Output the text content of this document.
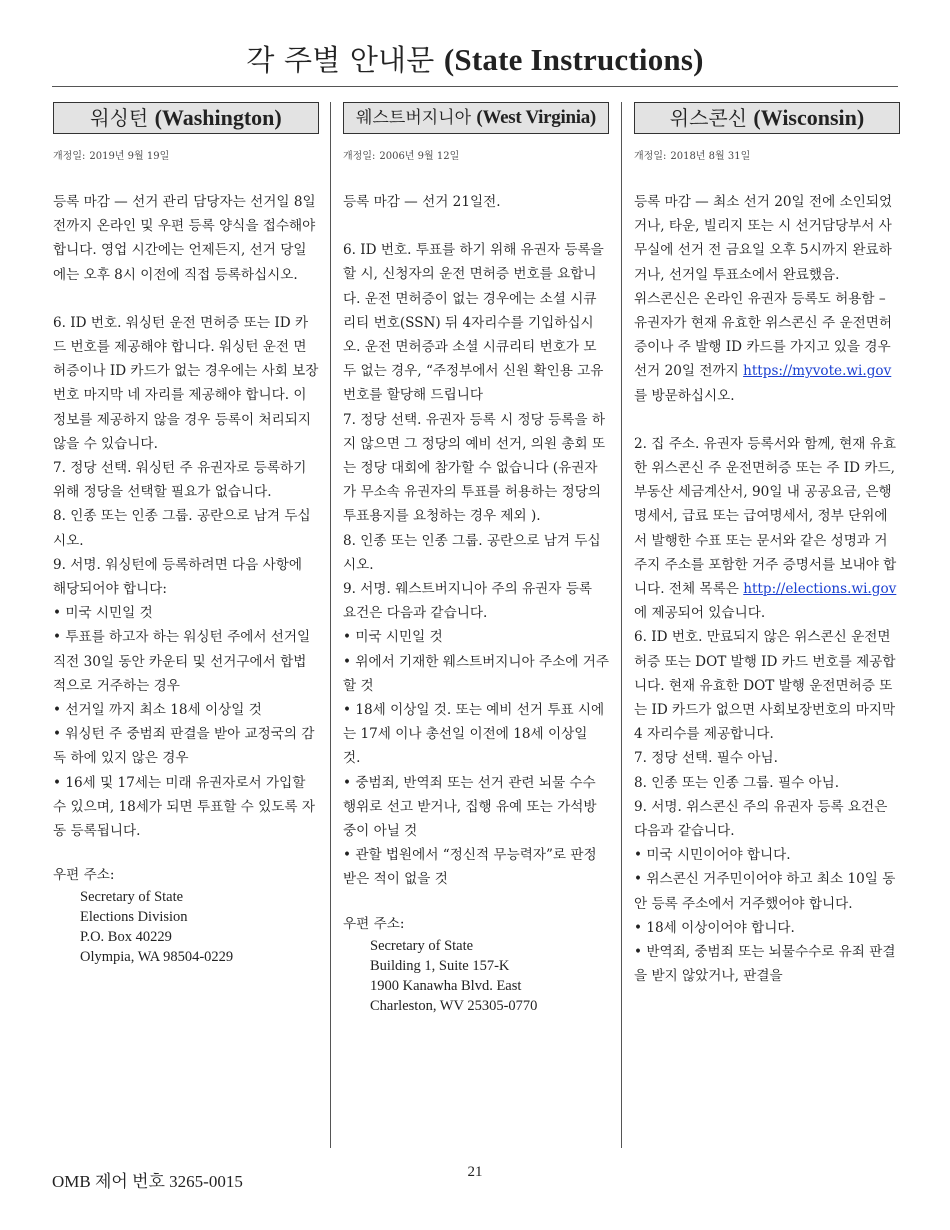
각 주별 안내문 (State Instructions)
워싱턴 (Washington)
개정일: 2019년 9월 19일

등록 마감 — 선거 관리 담당자는 선거일 8일 전까지 온라인 및 우편 등록 양식을 접수해야 합니다. 영업 시간에는 언제든지, 선거 당일에는 오후 8시 이전에 직접 등록하십시오.

6. ID 번호. 워싱턴 운전 면허증 또는 ID 카드 번호를 제공해야 합니다. 워싱턴 운전 면허증이나 ID 카드가 없는 경우에는 사회 보장 번호 마지막 네 자리를 제공해야 합니다. 이 정보를 제공하지 않을 경우 등록이 처리되지 않을 수 있습니다.

7. 정당 선택. 워싱턴 주 유권자로 등록하기 위해 정당을 선택할 필요가 없습니다.

8. 인종 또는 인종 그룹. 공란으로 남겨 두십시오.

9. 서명. 워싱턴에 등록하려면 다음 사항에 해당되어야 합니다:

• 미국 시민일 것

• 투표를 하고자 하는 워싱턴 주에서 선거일 직전 30일 동안 카운티 및 선거구에서 합법적으로 거주하는 경우

• 선거일 까지 최소 18세 이상일 것

• 워싱턴 주 중범죄 판결을 받아 교정국의 감독 하에 있지 않은 경우

• 16세 및 17세는 미래 유권자로서 가입할 수 있으며, 18세가 되면 투표할 수 있도록 자동 등록됩니다.

우편 주소:

Secretary of State
Elections Division
P.O. Box 40229
Olympia, WA 98504-0229
웨스트버지니아 (West Virginia)
개정일: 2006년 9월 12일

등록 마감 — 선거 21일전.

6. ID 번호. 투표를 하기 위해 유권자 등록을 할 시, 신청자의 운전 면허증 번호를 요합니다. 운전 면허증이 없는 경우에는 소셜 시큐리티 번호(SSN) 뒤 4자리수를 기입하십시오. 운전 면허증과 소셜 시큐리티 번호가 모두 없는 경우, “주정부에서 신원 확인용 고유 번호를 할당해 드립니다

7. 정당 선택. 유권자 등록 시 정당 등록을 하지 않으면 그 정당의 예비 선거, 의원 총회 또는 정당 대회에 참가할 수 없습니다 (유권자가 무소속 유권자의 투표를 허용하는 정당의 투표용지를 요청하는 경우 제외 ).

8. 인종 또는 인종 그룹. 공란으로 남겨 두십시오.

9. 서명. 웨스트버지니아 주의 유권자 등록 요건은 다음과 같습니다.

• 미국 시민일 것

• 위에서 기재한 웨스트버지니아 주소에 거주할 것

• 18세 이상일 것. 또는 예비 선거 투표 시에는 17세 이나 총선일 이전에 18세 이상일 것.

• 중범죄, 반역죄 또는 선거 관련 뇌물 수수 행위로 선고 받거나, 집행 유예 또는 가석방 중이 아닐 것

• 관할 법원에서 “정신적 무능력자”로 판정받은 적이 없을 것

우편 주소:

Secretary of State
Building 1, Suite 157-K
1900 Kanawha Blvd. East
Charleston, WV 25305-0770
위스콘신 (Wisconsin)
개정일: 2018년 8월 31일

등록 마감 — 최소 선거 20일 전에 소인되었거나, 타운, 빌리지 또는 시 선거담당부서 사무실에 선거 전 금요일 오후 5시까지 완료하거나, 선거일 투표소에서 완료했음.

위스콘신은 온라인 유권자 등록도 허용함 – 유권자가 현재 유효한 위스콘신 주 운전면허증이나 주 발행 ID 카드를 가지고 있을 경우 선거 20일 전까지 https://myvote.wi.gov를 방문하십시오.

2. 집 주소. 유권자 등록서와 함께, 현재 유효한 위스콘신 주 운전면허증 또는 주 ID 카드, 부동산 세금계산서, 90일 내 공공요금, 은행 명세서, 급료 또는 급여명세서, 정부 단위에서 발행한 수표 또는 문서와 같은 성명과 거주지 주소를 포함한 거주 증명서를 보내야 합니다. 전체 목록은 http://elections.wi.gov에 제공되어 있습니다.

6. ID 번호. 만료되지 않은 위스콘신 운전면허증 또는 DOT 발행 ID 카드 번호를 제공합니다. 현재 유효한 DOT 발행 운전면허증 또는 ID 카드가 없으면 사회보장번호의 마지막 4 자리수를 제공합니다.

7. 정당 선택. 필수 아님.

8. 인종 또는 인종 그룹. 필수 아님.

9. 서명. 위스콘신 주의 유권자 등록 요건은 다음과 같습니다.

• 미국 시민이어야 합니다.

• 위스콘신 거주민이어야 하고 최소 10일 동안 등록 주소에서 거주했어야 합니다.

• 18세 이상이어야 합니다.

• 반역죄, 중범죄 또는 뇌물수수로 유죄 판결을 받지 않았거나, 판결을

OMB 제어 번호 3265-0015	21
